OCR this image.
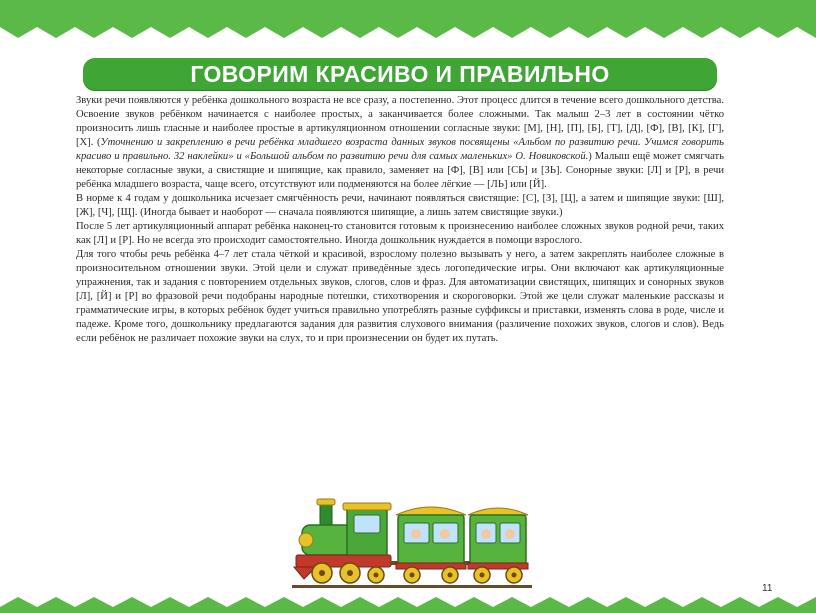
ГОВОРИМ КРАСИВО И ПРАВИЛЬНО

Звуки речи появляются у ребёнка дошкольного возраста не все сразу, а постепенно. Этот процесс длится в течение всего дошкольного детства. Освоение звуков ребёнком начинается с наиболее простых, а заканчивается более сложными. Так малыш 2–3 лет в состоянии чётко произносить лишь гласные и наиболее простые в артикуляционном отношении согласные звуки: [М], [Н], [П], [Б], [Т], [Д], [Ф], [В], [К], [Г], [Х]. (Уточнению и закреплению в речи ребёнка младшего возраста данных звуков посвящены «Альбом по развитию речи. Учимся говорить красиво и правильно. 32 наклейки» и «Большой альбом по развитию речи для самых маленьких» О. Новиковской.) Малыш ещё может смягчать некоторые согласные звуки, а свистящие и шипящие, как правило, заменяет на [Ф], [В] или [СЬ] и [ЗЬ]. Сонорные звуки: [Л] и [Р], в речи ребёнка младшего возраста, чаще всего, отсутствуют или подменяются на более лёгкие — [ЛЬ] или [Й].

В норме к 4 годам у дошкольника исчезает смягчённость речи, начинают появляться свистящие: [С], [З], [Ц], а затем и шипящие звуки: [Ш], [Ж], [Ч], [Щ]. (Иногда бывает и наоборот — сначала появляются шипящие, а лишь затем свистящие звуки.)

После 5 лет артикуляционный аппарат ребёнка наконец-то становится готовым к произнесению наиболее сложных звуков родной речи, таких как [Л] и [Р]. Но не всегда это происходит самостоятельно. Иногда дошкольник нуждается в помощи взрослого.

Для того чтобы речь ребёнка 4–7 лет стала чёткой и красивой, взрослому полезно вызывать у него, а затем закреплять наиболее сложные в произносительном отношении звуки. Этой цели и служат приведённые здесь логопедические игры. Они включают как артикуляционные упражнения, так и задания с повторением отдельных звуков, слогов, слов и фраз. Для автоматизации свистящих, шипящих и сонорных звуков [Л], [Й] и [Р] во фразовой речи подобраны народные потешки, стихотворения и скороговорки. Этой же цели служат маленькие рассказы и грамматические игры, в которых ребёнок будет учиться правильно употреблять разные суффиксы и приставки, изменять слова в роде, числе и падеже. Кроме того, дошкольнику предлагаются задания для развития слухового внимания (различение похожих звуков, слогов и слов). Ведь если ребёнок не различает похожие звуки на слух, то и при произнесении он будет их путать.

11
